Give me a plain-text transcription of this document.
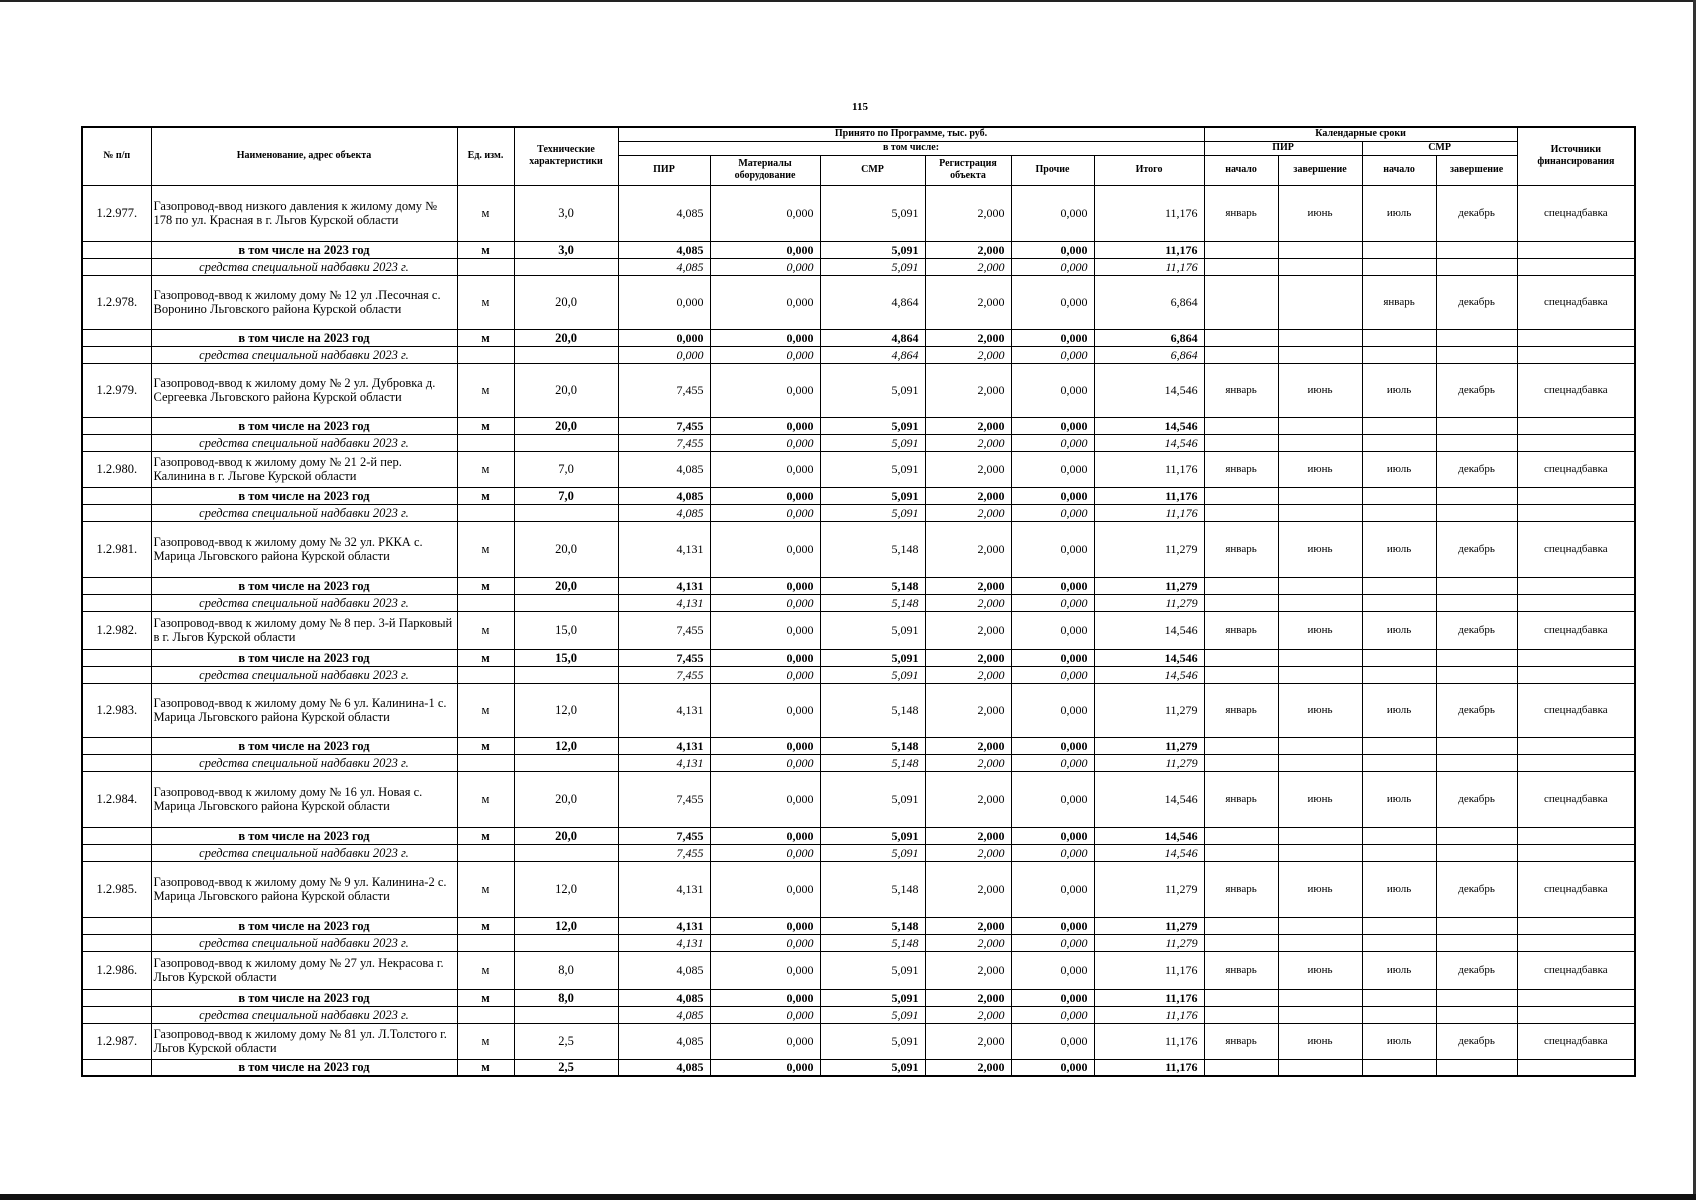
115
№ п/п	Наименование, адрес объекта	Ед. изм.	Технические характеристики	Принято по Программе, тыс. руб.						Календарные сроки				Источники финансирования
				в том числе:						ПИР		СМР		
				ПИР	Материалы оборудование	СМР	Регистрация объекта	Прочие	Итого	начало	завершение	начало	завершение	
1.2.977.	Газопровод-ввод низкого давления к жилому дому № 178 по ул. Красная в г. Льгов Курской области	м	3,0	4,085	0,000	5,091	2,000	0,000	11,176	январь	июнь	июль	декабрь	спецнадбавка
	в том числе на 2023 год	м	3,0	4,085	0,000	5,091	2,000	0,000	11,176					
	средства специальной надбавки 2023 г.			4,085	0,000	5,091	2,000	0,000	11,176					
1.2.978.	Газопровод-ввод к жилому дому № 12 ул .Песочная с. Воронино Льговского района Курской области	м	20,0	0,000	0,000	4,864	2,000	0,000	6,864			январь	декабрь	спецнадбавка
	в том числе на 2023 год	м	20,0	0,000	0,000	4,864	2,000	0,000	6,864					
	средства специальной надбавки 2023 г.			0,000	0,000	4,864	2,000	0,000	6,864					
1.2.979.	Газопровод-ввод к жилому дому № 2 ул. Дубровка д. Сергеевка Льговского района Курской области	м	20,0	7,455	0,000	5,091	2,000	0,000	14,546	январь	июнь	июль	декабрь	спецнадбавка
	в том числе на 2023 год	м	20,0	7,455	0,000	5,091	2,000	0,000	14,546					
	средства специальной надбавки 2023 г.			7,455	0,000	5,091	2,000	0,000	14,546					
1.2.980.	Газопровод-ввод к жилому дому № 21 2-й пер. Калинина в г. Льгове Курской области	м	7,0	4,085	0,000	5,091	2,000	0,000	11,176	январь	июнь	июль	декабрь	спецнадбавка
	в том числе на 2023 год	м	7,0	4,085	0,000	5,091	2,000	0,000	11,176					
	средства специальной надбавки 2023 г.			4,085	0,000	5,091	2,000	0,000	11,176					
1.2.981.	Газопровод-ввод к жилому дому № 32 ул. РККА с. Марица Льговского района Курской области	м	20,0	4,131	0,000	5,148	2,000	0,000	11,279	январь	июнь	июль	декабрь	спецнадбавка
	в том числе на 2023 год	м	20,0	4,131	0,000	5,148	2,000	0,000	11,279					
	средства специальной надбавки 2023 г.			4,131	0,000	5,148	2,000	0,000	11,279					
1.2.982.	Газопровод-ввод к жилому дому № 8 пер. 3-й Парковый в г. Льгов Курской области	м	15,0	7,455	0,000	5,091	2,000	0,000	14,546	январь	июнь	июль	декабрь	спецнадбавка
	в том числе на 2023 год	м	15,0	7,455	0,000	5,091	2,000	0,000	14,546					
	средства специальной надбавки 2023 г.			7,455	0,000	5,091	2,000	0,000	14,546					
1.2.983.	Газопровод-ввод к жилому дому № 6 ул. Калинина-1 с. Марица Льговского района Курской области	м	12,0	4,131	0,000	5,148	2,000	0,000	11,279	январь	июнь	июль	декабрь	спецнадбавка
	в том числе на 2023 год	м	12,0	4,131	0,000	5,148	2,000	0,000	11,279					
	средства специальной надбавки 2023 г.			4,131	0,000	5,148	2,000	0,000	11,279					
1.2.984.	Газопровод-ввод к жилому дому № 16 ул. Новая с. Марица Льговского района Курской области	м	20,0	7,455	0,000	5,091	2,000	0,000	14,546	январь	июнь	июль	декабрь	спецнадбавка
	в том числе на 2023 год	м	20,0	7,455	0,000	5,091	2,000	0,000	14,546					
	средства специальной надбавки 2023 г.			7,455	0,000	5,091	2,000	0,000	14,546					
1.2.985.	Газопровод-ввод к жилому дому № 9 ул. Калинина-2 с. Марица Льговского района Курской области	м	12,0	4,131	0,000	5,148	2,000	0,000	11,279	январь	июнь	июль	декабрь	спецнадбавка
	в том числе на 2023 год	м	12,0	4,131	0,000	5,148	2,000	0,000	11,279					
	средства специальной надбавки 2023 г.			4,131	0,000	5,148	2,000	0,000	11,279					
1.2.986.	Газопровод-ввод к жилому дому № 27 ул. Некрасова г. Льгов Курской области	м	8,0	4,085	0,000	5,091	2,000	0,000	11,176	январь	июнь	июль	декабрь	спецнадбавка
	в том числе на 2023 год	м	8,0	4,085	0,000	5,091	2,000	0,000	11,176					
	средства специальной надбавки 2023 г.			4,085	0,000	5,091	2,000	0,000	11,176					
1.2.987.	Газопровод-ввод к жилому дому № 81 ул. Л.Толстого г. Льгов Курской области	м	2,5	4,085	0,000	5,091	2,000	0,000	11,176	январь	июнь	июль	декабрь	спецнадбавка
	в том числе на 2023 год	м	2,5	4,085	0,000	5,091	2,000	0,000	11,176					
